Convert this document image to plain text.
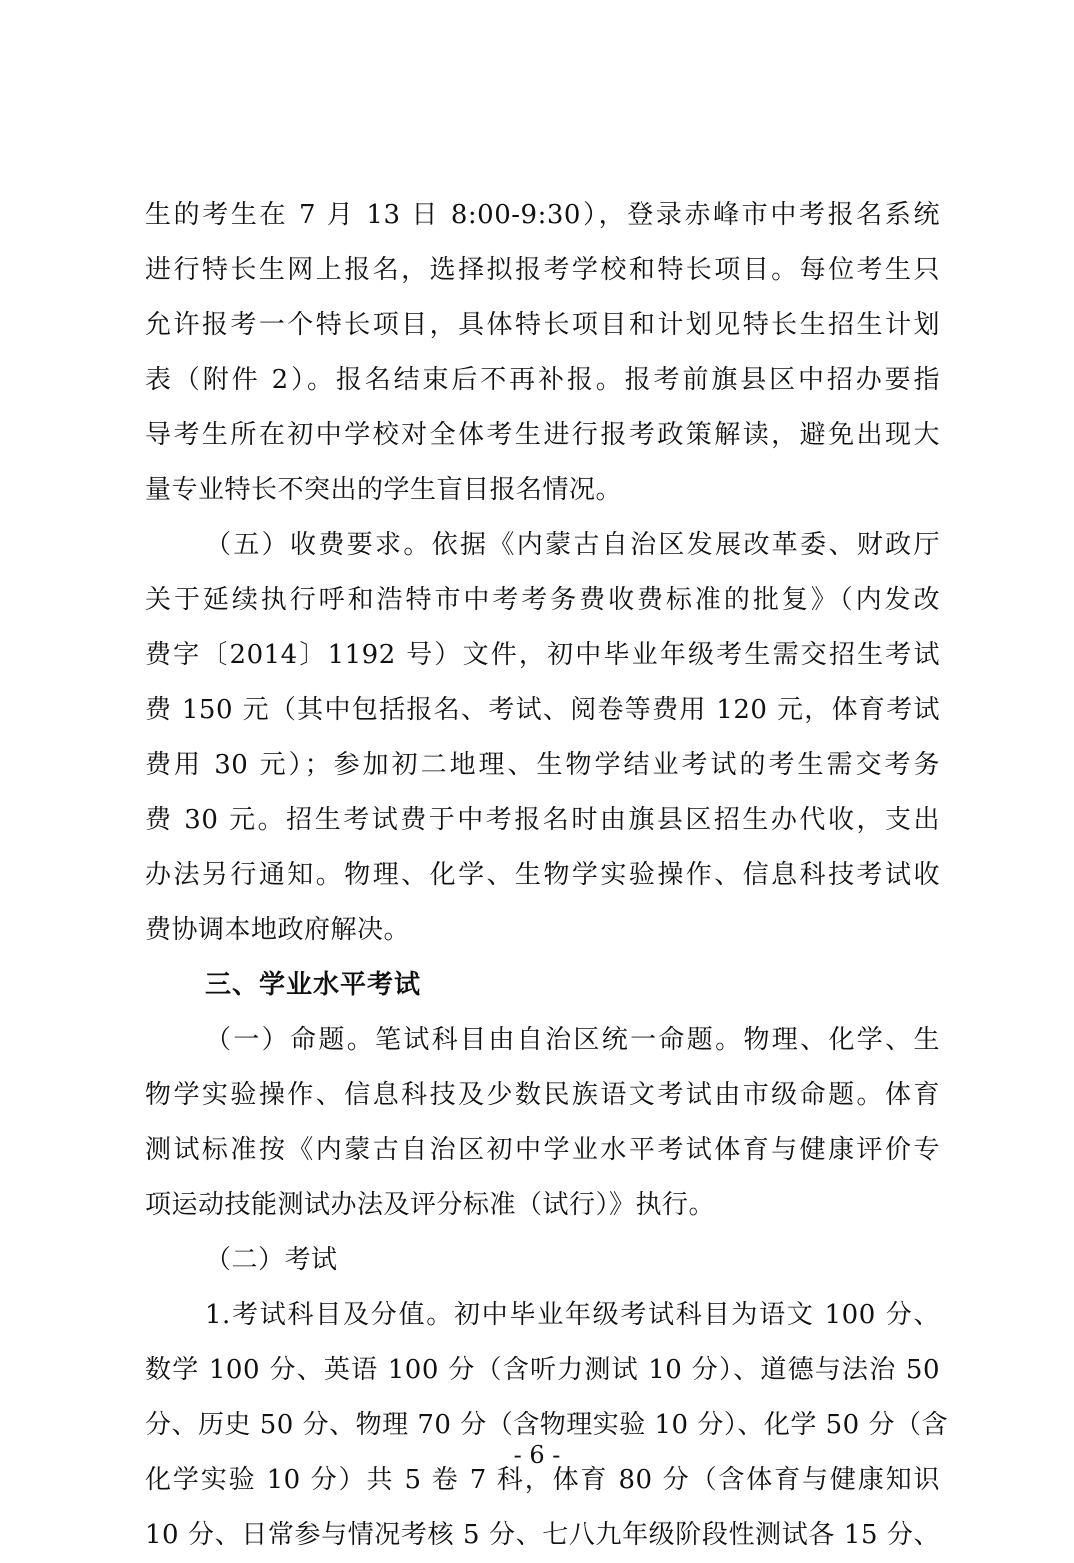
生的考生在 7 月 13 日 8:00-9:30），登录赤峰市中考报名系统
进行特长生网上报名，选择拟报考学校和特长项目。每位考生只
允许报考一个特长项目，具体特长项目和计划见特长生招生计划
表（附件 2）。报名结束后不再补报。报考前旗县区中招办要指
导考生所在初中学校对全体考生进行报考政策解读，避免出现大
量专业特长不突出的学生盲目报名情况。
（五）收费要求。依据《内蒙古自治区发展改革委、财政厅
关于延续执行呼和浩特市中考考务费收费标准的批复》（内发改
费字〔2014〕1192 号）文件，初中毕业年级考生需交招生考试
费 150 元（其中包括报名、考试、阅卷等费用 120 元，体育考试
费用 30 元）；参加初二地理、生物学结业考试的考生需交考务
费 30 元。招生考试费于中考报名时由旗县区招生办代收，支出
办法另行通知。物理、化学、生物学实验操作、信息科技考试收
费协调本地政府解决。
三、学业水平考试
（一）命题。笔试科目由自治区统一命题。物理、化学、生
物学实验操作、信息科技及少数民族语文考试由市级命题。体育
测试标准按《内蒙古自治区初中学业水平考试体育与健康评价专
项运动技能测试办法及评分标准（试行）》执行。
（二）考试
1.考试科目及分值。初中毕业年级考试科目为语文 100 分、
数学 100 分、英语 100 分（含听力测试 10 分）、道德与法治 50
分、历史 50 分、物理 70 分（含物理实验 10 分）、化学 50 分（含
化学实验 10 分）共 5 卷 7 科，体育 80 分（含体育与健康知识
10 分、日常参与情况考核 5 分、七八九年级阶段性测试各 15 分、
- 6 -
